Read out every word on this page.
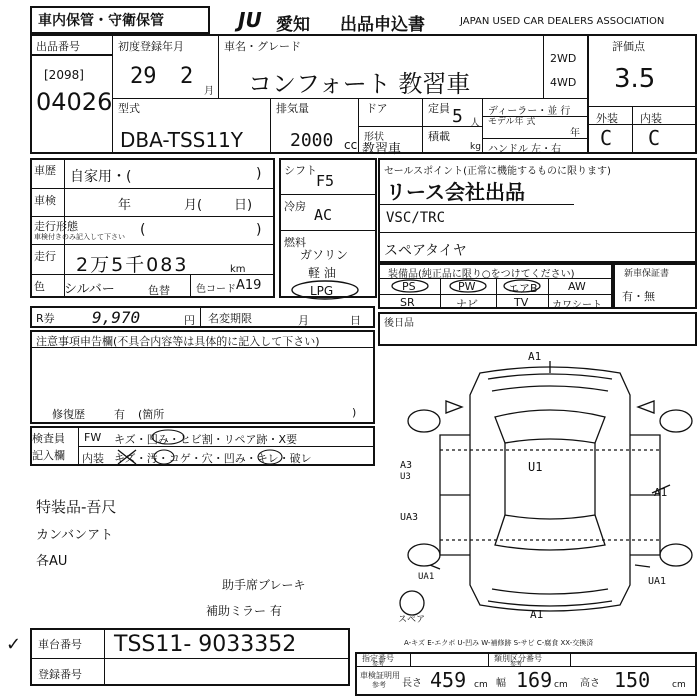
車内保管・守衛保管	JU 愛知 出品申込書	JAPAN USED CAR DEALERS ASSOCIATION
出品番号
[2098]
04026
初度登録年月
29 2
月
車名・グレード
コンフォート 教習車
2WD
4WD
評価点
3.5
外装 内装
C C
型式
DBA-TSS11Y
排気量
2000 cc
ドア
形状
教習車
定員 5 人
積載
kg
ディーラー・並 行
モデル年 式
年
ハンドル 左・右
車歴 自家用・(	)
車検	年	月( 日)
走行形態
車検付きのみ記入して下さい (	)
走行 2万5千083	km
色 シルバー	色替	色コード A19
シフト
F5
冷房 AC
燃料
ガソリン
軽 油
LPG
セールスポイント(正常に機能するものに限ります)
リース会社出品
VSC/TRC
スペアタイヤ
装備品(純正品に限り○をつけてください)
PS	PW	エアB	AW
SR	ナビ	TV カワシート
新車保証書
有・無
R券 9,970	円 名変期限	月	日 後日品
注意事項申告欄(不具合内容等は具体的に記入して下さい)
修復歴	有 (箇所	)
検査員
記入欄
FW キズ・凹み・ヒビ割・リペア跡・X要
内装 キズ・汚・コゲ・穴・凹み・キレ・破レ
特装品-吾尺
カンバンアト
各AU
助手席ブレーキ
補助ミラー 有
A1
U1
A3
U3
UA3
UA1
A1
A1
UA1
スペア
A-キズ E-エクボ U-凹み W-補修跡 S-サビ C-腐食 XX-交換済
✓ 車台番号 TSS11- 9033352
登録番号
指定番号
参考
類別区分番号
参考
車検証明用
参考 長さ 459 cm 幅 169 cm 高さ 150 cm
